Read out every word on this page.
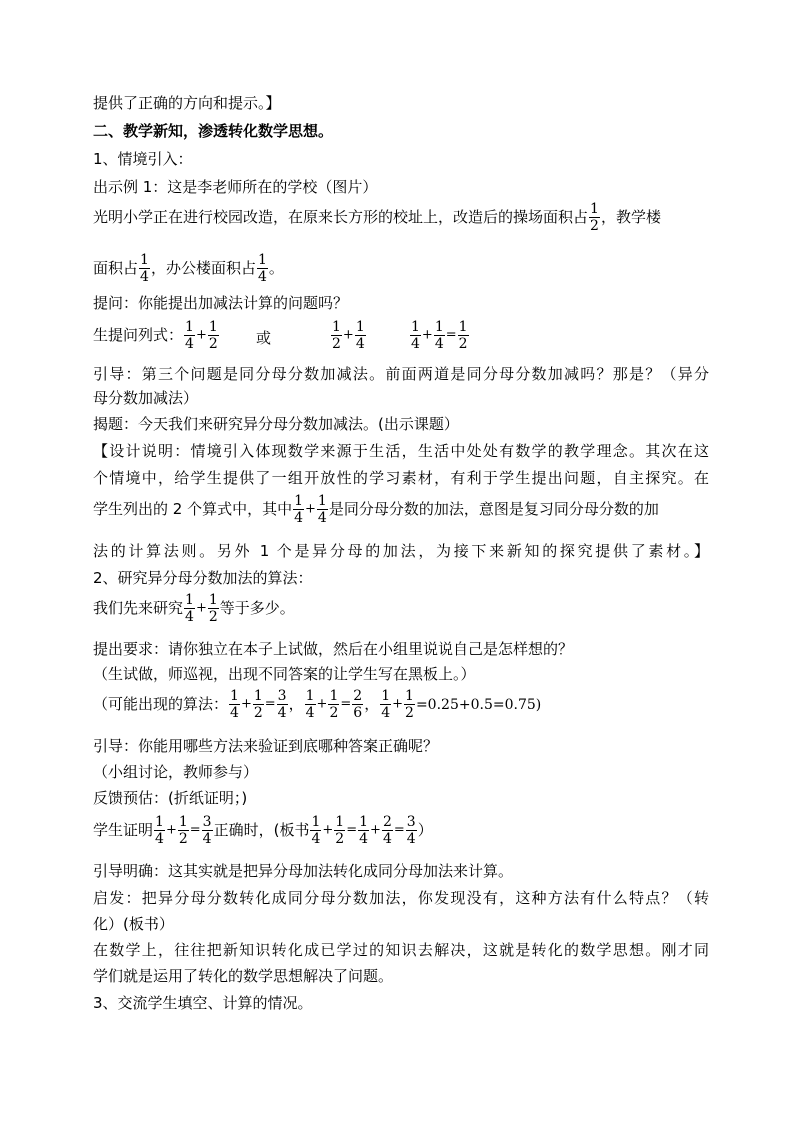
提供了正确的方向和提示。】
二、教学新知，渗透转化数学思想。
1、情境引入：
出示例 1：这是李老师所在的学校（图片）
光明小学正在进行校园改造，在原来长方形的校址上，改造后的操场面积占 $\frac{1}{2}$ ，教学楼
面积占 $\frac{1}{4}$ ，办公楼面积占 $\frac{1}{4}$ 。
提问：你能提出加减法计算的问题吗？
生提问列式： $\frac{1}{4} + \frac{1}{2}$ 或	$\frac{1}{2} + \frac{1}{4}$	$\frac{1}{4} + \frac{1}{4} = \frac{1}{2}$
引导：第三个问题是同分母分数加减法。前面两道是同分母分数加减吗？那是？（异分
母分数加减法）
揭题：今天我们来研究异分母分数加减法。(出示课题）
【设计说明：情境引入体现数学来源于生活，生活中处处有数学的教学理念。其次在这
个情境中，给学生提供了一组开放性的学习素材，有利于学生提出问题，自主探究。在
学生列出的 2 个算式中，其中 $\frac{1}{4} + \frac{1}{4}$ 是同分母分数的加法，意图是复习同分母分数的加
法的计算法则。另外 1 个是异分母的加法，为接下来新知的探究提供了素材。】
2、研究异分母分数加法的算法：
我们先来研究 $\frac{1}{4} + \frac{1}{2}$ 等于多少。
提出要求：请你独立在本子上试做，然后在小组里说说自己是怎样想的？
（生试做，师巡视，出现不同答案的让学生写在黑板上。）
（可能出现的算法： $\frac{1}{4} + \frac{1}{2} = \frac{3}{4}$ ， $\frac{1}{4} + \frac{1}{2} = \frac{2}{6}$ ， $\frac{1}{4} + \frac{1}{2} =0.25+0.5=0.75$)
引导：你能用哪些方法来验证到底哪种答案正确呢？
（小组讨论，教师参与）
反馈预估：(折纸证明；)
学生证明 $\frac{1}{4} + \frac{1}{2} = \frac{3}{4}$ 正确时，(板书 $\frac{1}{4} + \frac{1}{2} = \frac{1}{4} + \frac{2}{4} = \frac{3}{4}$ ）
引导明确：这其实就是把异分母加法转化成同分母加法来计算。
启发：把异分母分数转化成同分母分数加法，你发现没有，这种方法有什么特点？（转
化）(板书）
在数学上，往往把新知识转化成已学过的知识去解决，这就是转化的数学思想。刚才同
学们就是运用了转化的数学思想解决了问题。
3、交流学生填空、计算的情况。
